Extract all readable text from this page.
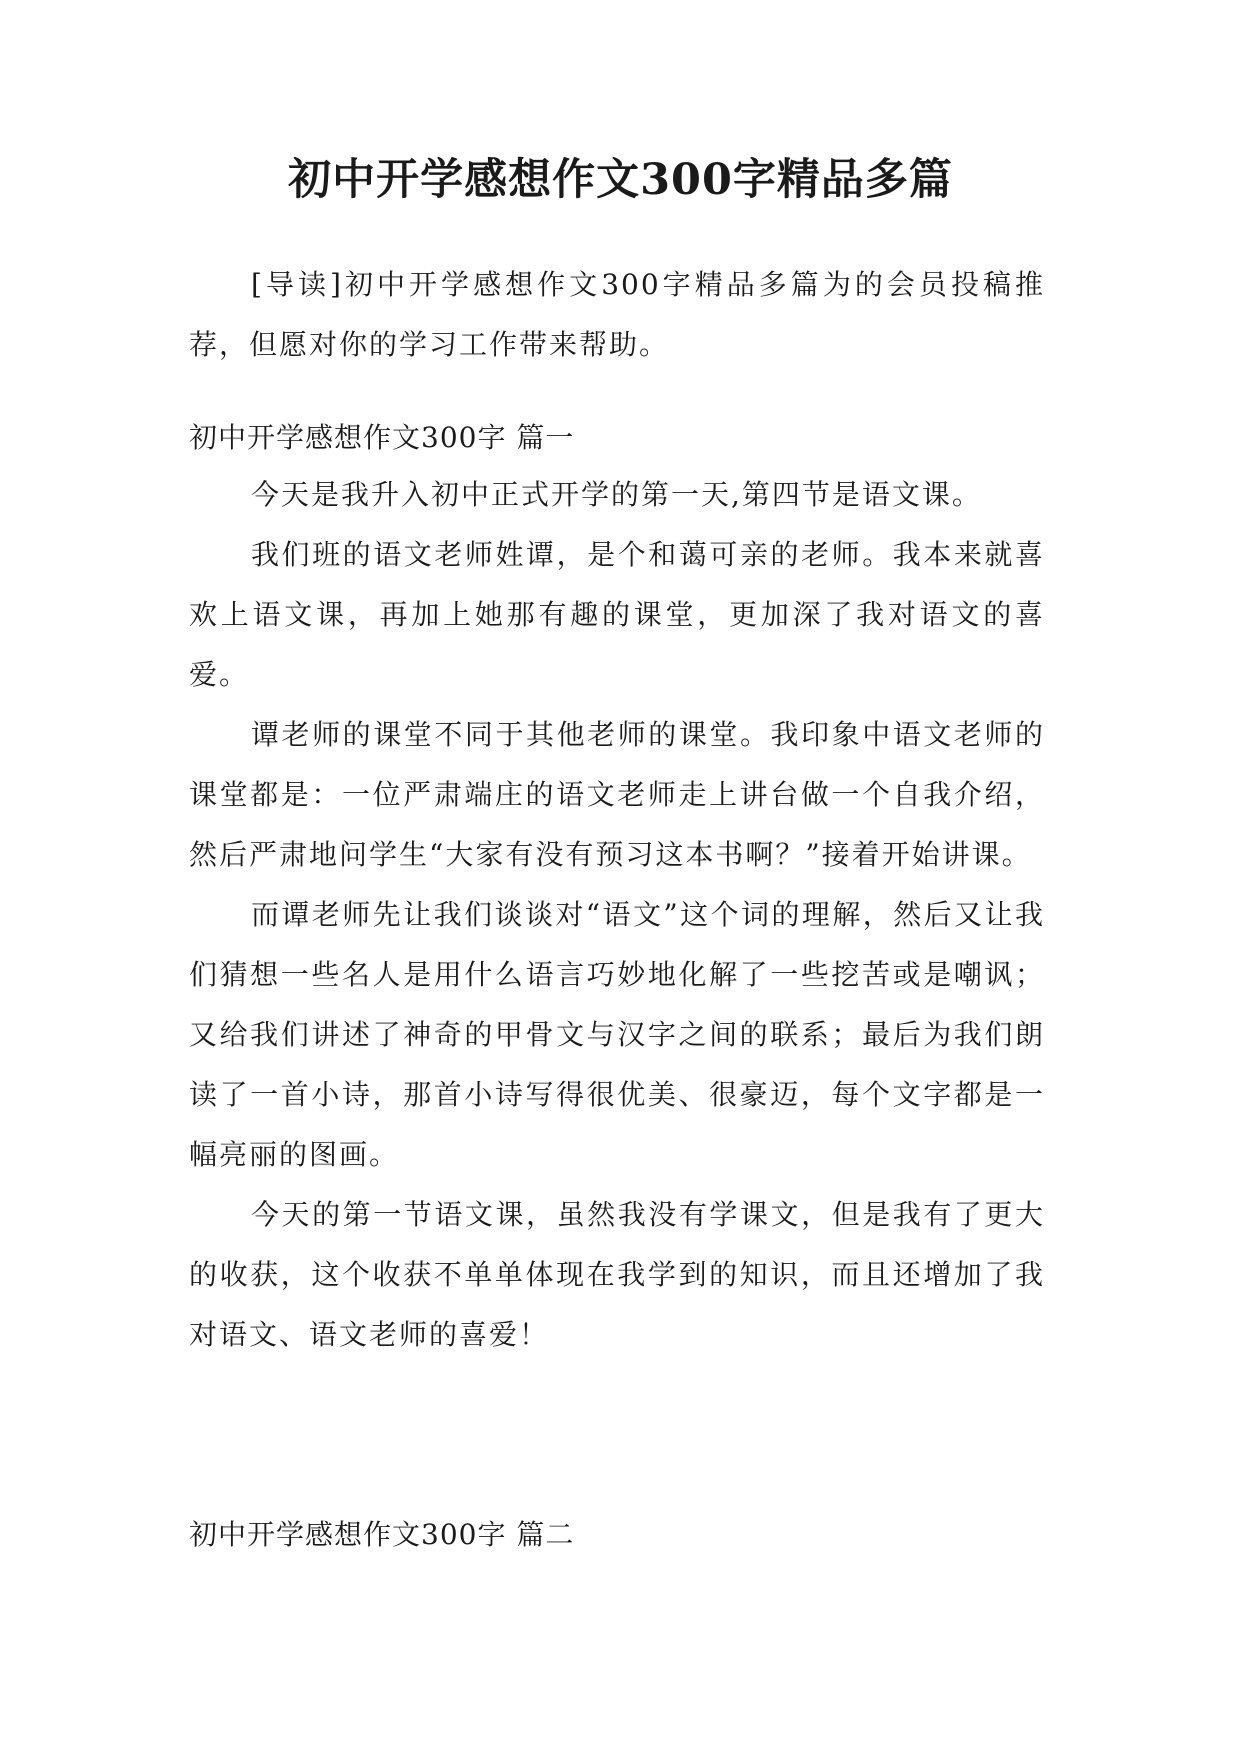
初中开学感想作文300字精品多篇

[导读]初中开学感想作文300字精品多篇为的会员投稿推荐，但愿对你的学习工作带来帮助。

初中开学感想作文300字 篇一

今天是我升入初中正式开学的第一天,第四节是语文课。

我们班的语文老师姓谭，是个和蔼可亲的老师。我本来就喜欢上语文课，再加上她那有趣的课堂，更加深了我对语文的喜爱。

谭老师的课堂不同于其他老师的课堂。我印象中语文老师的课堂都是：一位严肃端庄的语文老师走上讲台做一个自我介绍，然后严肃地问学生“大家有没有预习这本书啊？”接着开始讲课。

而谭老师先让我们谈谈对“语文”这个词的理解，然后又让我们猜想一些名人是用什么语言巧妙地化解了一些挖苦或是嘲讽；又给我们讲述了神奇的甲骨文与汉字之间的联系；最后为我们朗读了一首小诗，那首小诗写得很优美、很豪迈，每个文字都是一幅亮丽的图画。

今天的第一节语文课，虽然我没有学课文，但是我有了更大的收获，这个收获不单单体现在我学到的知识，而且还增加了我对语文、语文老师的喜爱！

初中开学感想作文300字 篇二
